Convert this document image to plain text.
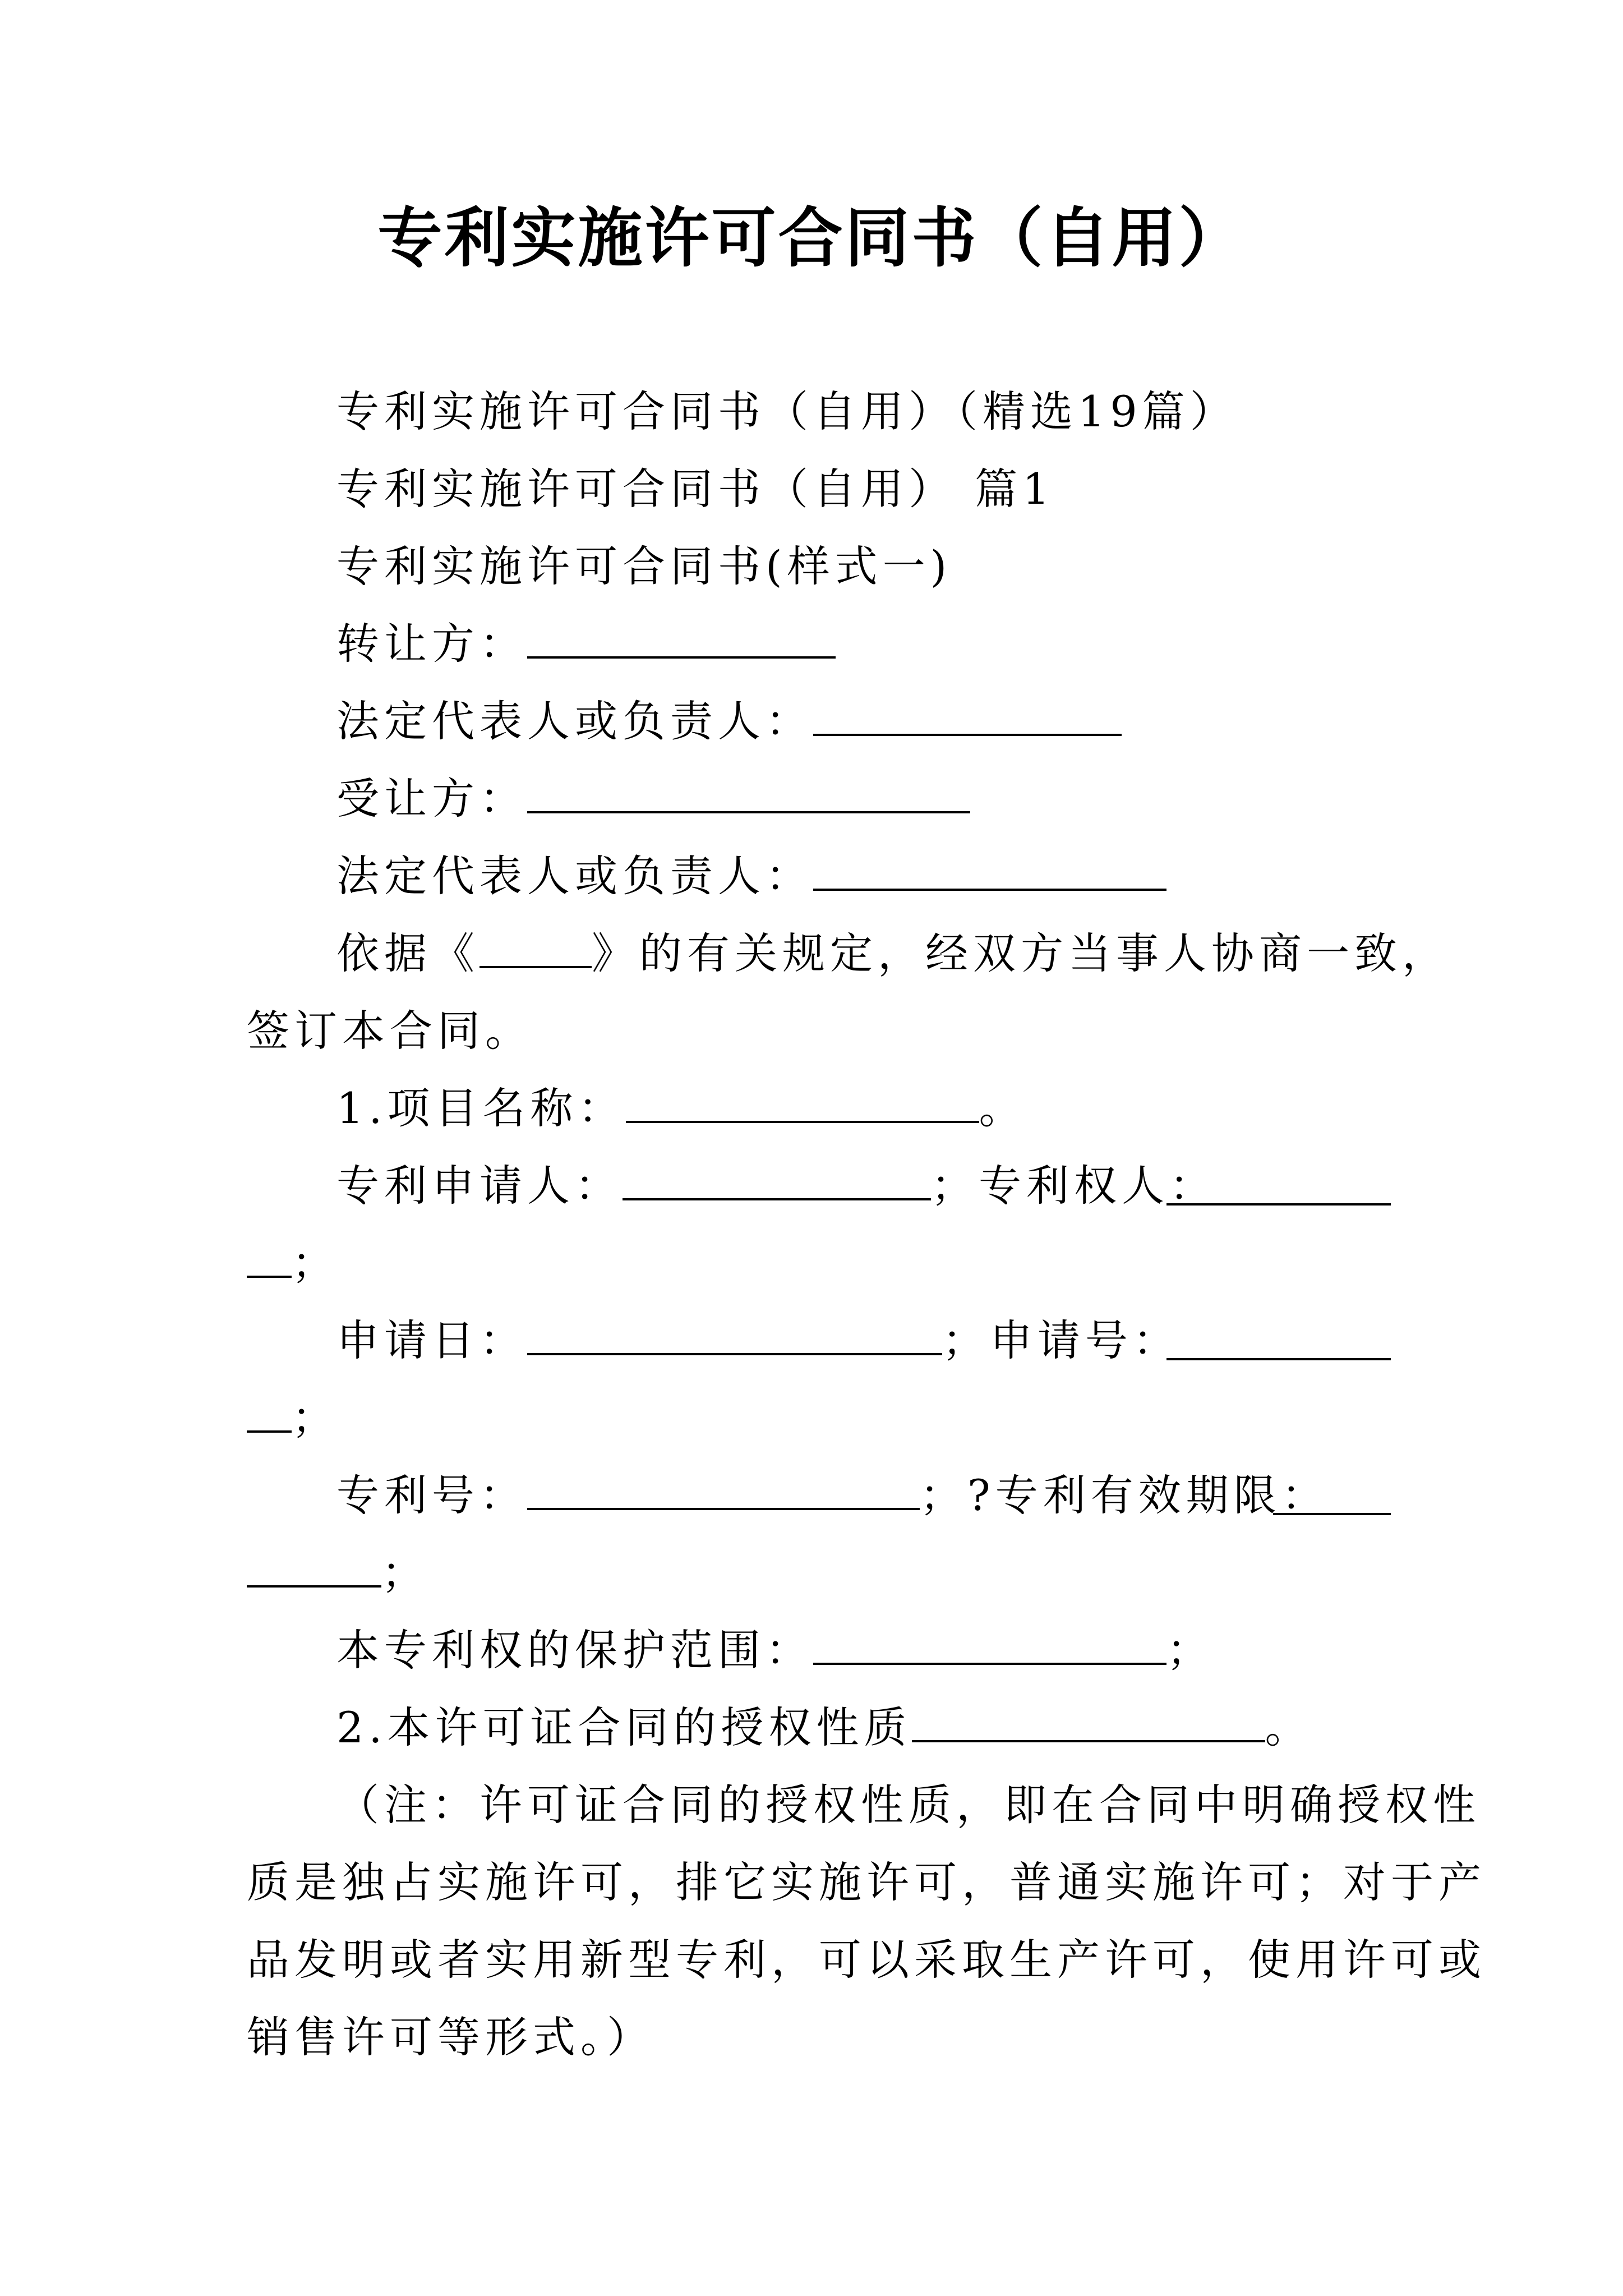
专利实施许可合同书（自用）
专利实施许可合同书（自用）（精选19篇）
专利实施许可合同书（自用） 篇1
专利实施许可合同书(样式一)
转让方：
法定代表人或负责人：
受让方：
法定代表人或负责人：
依据《	》的有关规定，经双方当事人协商一致，
签订本合同。
1.项目名称：	。
专利申请人：	；专利权人：
；
申请日：	；申请号：
；
专利号：	；?专利有效期限：
；
本专利权的保护范围：	；
2.本许可证合同的授权性质	。
（注：许可证合同的授权性质，即在合同中明确授权性
质是独占实施许可，排它实施许可，普通实施许可；对于产
品发明或者实用新型专利，可以采取生产许可，使用许可或
销售许可等形式。）
